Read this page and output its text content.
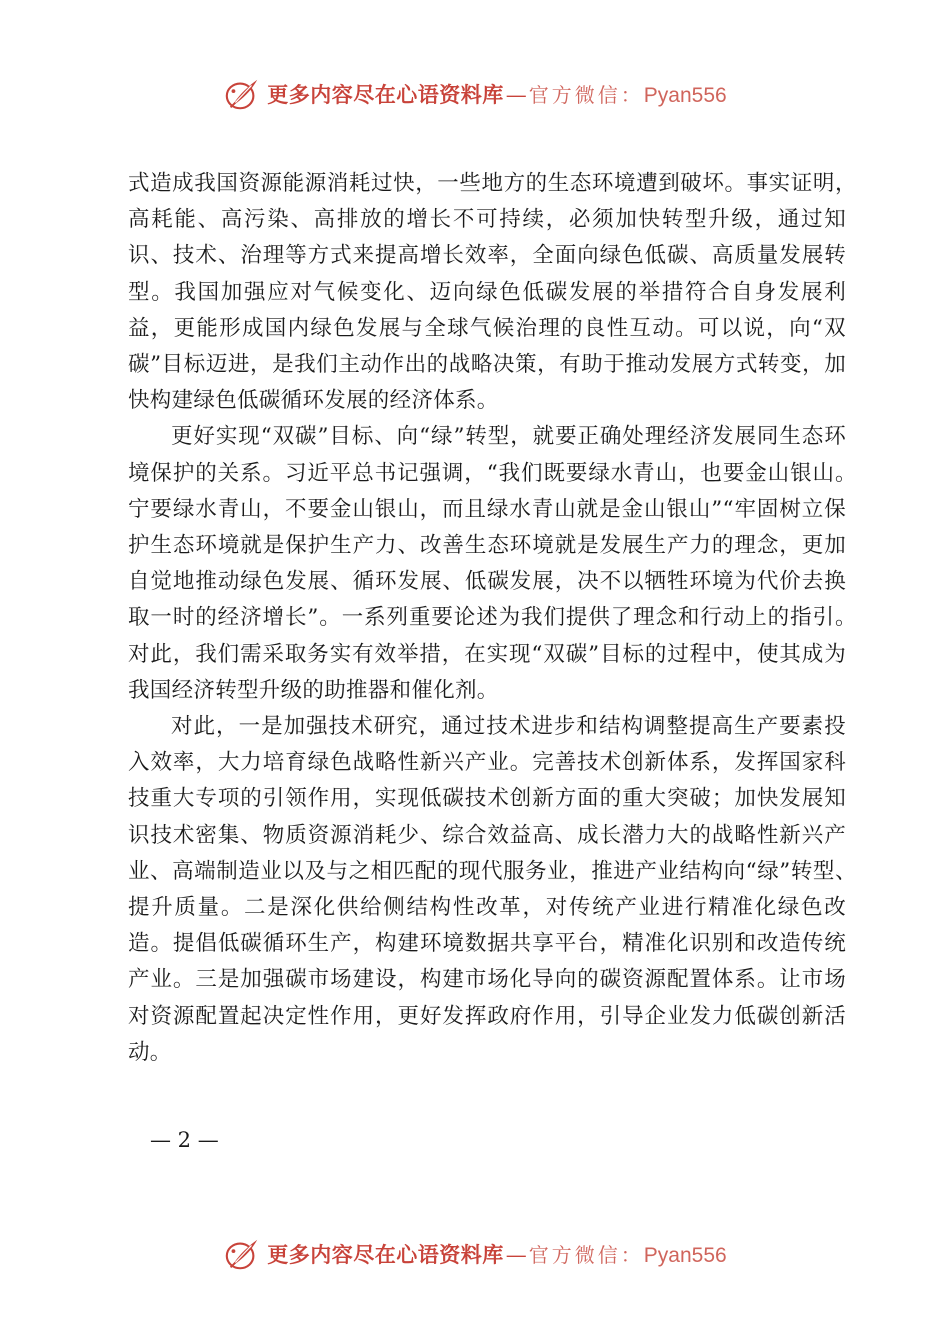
更多内容尽在心语资料库 — 官方微信： Pyan556

式造成我国资源能源消耗过快，一些地方的生态环境遭到破坏。事实证明，　高耗能、高污染、高排放的增长不可持续，必须加快转型升级，通过知识、技术、治理等方式来提高增长效率，全面向绿色低碳、高质量发展转型。我国加强应对气候变化、迈向绿色低碳发展的举措符合自身发展利益，更能形成国内绿色发展与全球气候治理的良性互动。可以说，向“双碳”目标迈进，是我们主动作出的战略决策，有助于推动发展方式转变，加快构建绿色低碳循环发展的经济体系。

更好实现“双碳”目标、向“绿”转型，就要正确处理经济发展同生态环境保护的关系。习近平总书记强调，“我们既要绿水青山，也要金山银山。　宁要绿水青山，不要金山银山，而且绿水青山就是金山银山”“牢固树立保护生态环境就是保护生产力、改善生态环境就是发展生产力的理念，更加自觉地推动绿色发展、循环发展、低碳发展，决不以牺牲环境为代价去换取一时的经济增长”。一系列重要论述为我们提供了理念和行动上的指引。　对此，我们需采取务实有效举措，在实现“双碳”目标的过程中，使其成为我国经济转型升级的助推器和催化剂。

对此，一是加强技术研究，通过技术进步和结构调整提高生产要素投入效率，大力培育绿色战略性新兴产业。完善技术创新体系，发挥国家科技重大专项的引领作用，实现低碳技术创新方面的重大突破；加快发展知识技术密集、物质资源消耗少、综合效益高、成长潜力大的战略性新兴产业、高端制造业以及与之相匹配的现代服务业，推进产业结构向“绿”转型、　提升质量。二是深化供给侧结构性改革，对传统产业进行精准化绿色改造。提倡低碳循环生产，构建环境数据共享平台，精准化识别和改造传统产业。三是加强碳市场建设，构建市场化导向的碳资源配置体系。让市场对资源配置起决定性作用，更好发挥政府作用，引导企业发力低碳创新活动。

— 2 —
更多内容尽在心语资料库 — 官方微信： Pyan556
